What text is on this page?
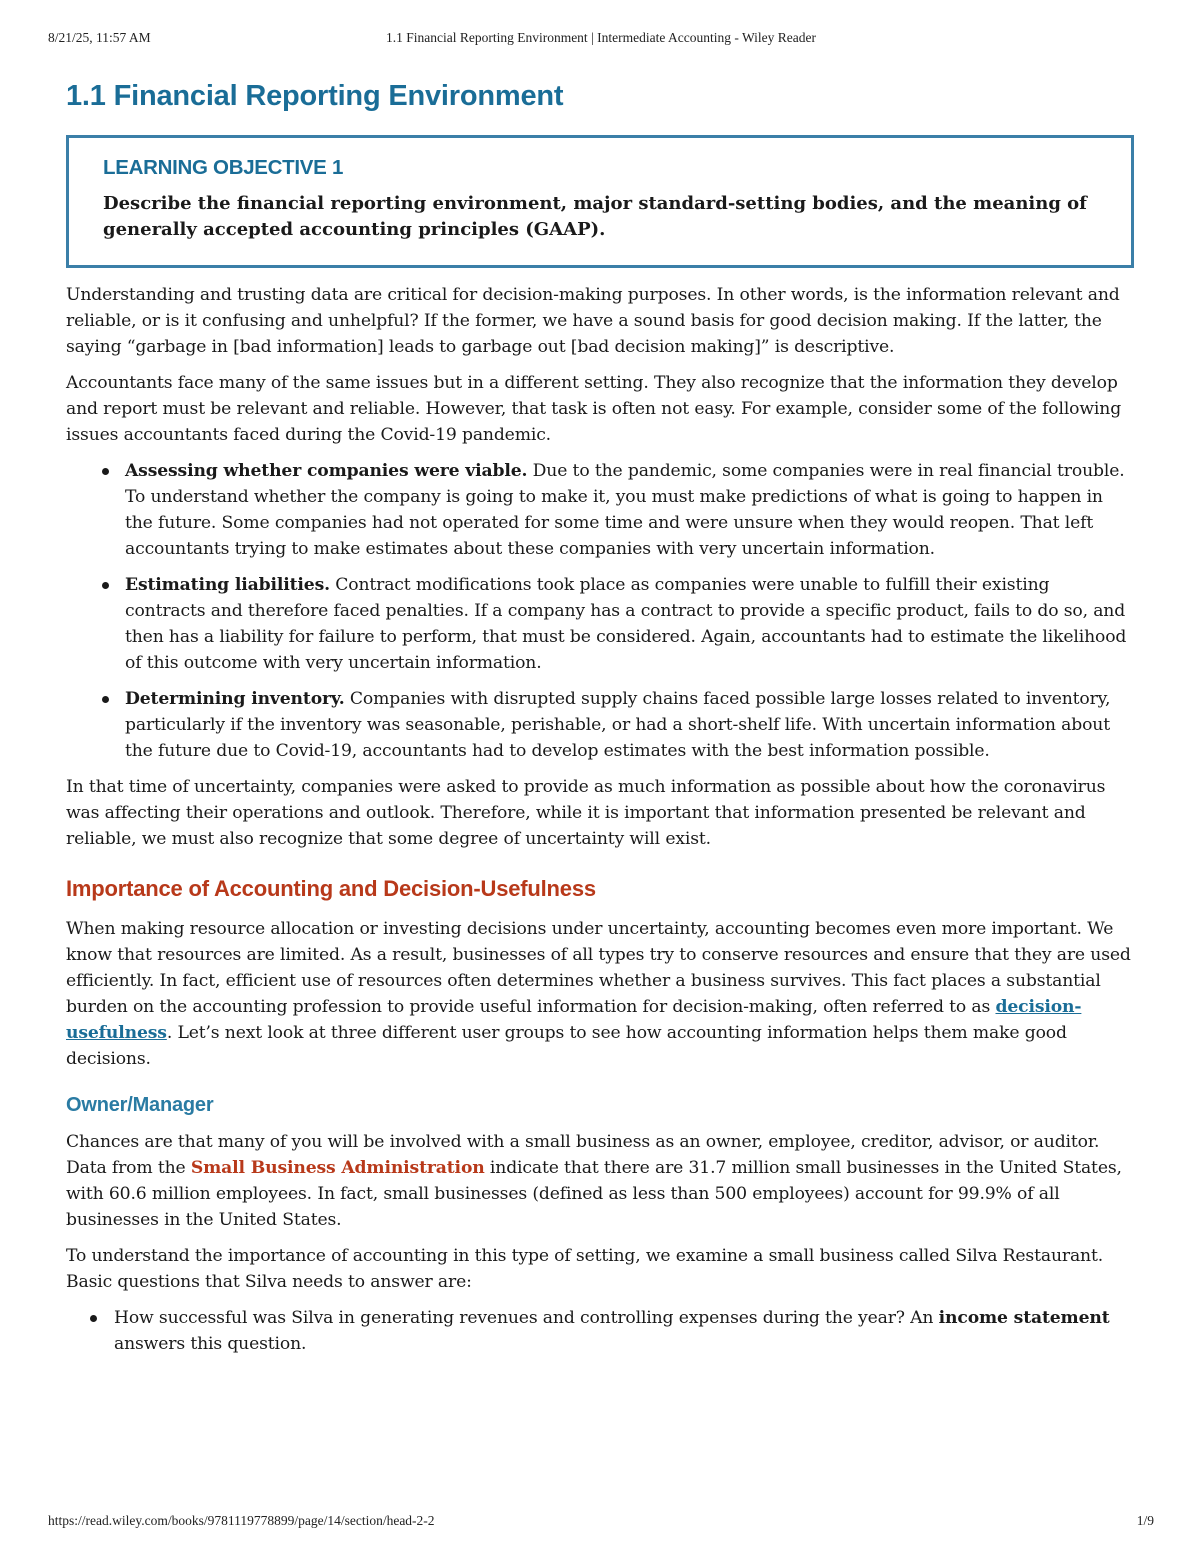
8/21/25, 11:57 AM	1.1 Financial Reporting Environment | Intermediate Accounting - Wiley Reader
1.1 Financial Reporting Environment
LEARNING OBJECTIVE 1

Describe the financial reporting environment, major standard-setting bodies, and the meaning of generally accepted accounting principles (GAAP).

Understanding and trusting data are critical for decision-making purposes. In other words, is the information relevant and reliable, or is it confusing and unhelpful? If the former, we have a sound basis for good decision making. If the latter, the saying “garbage in [bad information] leads to garbage out [bad decision making]” is descriptive.

Accountants face many of the same issues but in a different setting. They also recognize that the information they develop and report must be relevant and reliable. However, that task is often not easy. For example, consider some of the following issues accountants faced during the Covid-19 pandemic.

Assessing whether companies were viable. Due to the pandemic, some companies were in real financial trouble. To understand whether the company is going to make it, you must make predictions of what is going to happen in the future. Some companies had not operated for some time and were unsure when they would reopen. That left accountants trying to make estimates about these companies with very uncertain information.
Estimating liabilities. Contract modifications took place as companies were unable to fulfill their existing contracts and therefore faced penalties. If a company has a contract to provide a specific product, fails to do so, and then has a liability for failure to perform, that must be considered. Again, accountants had to estimate the likelihood of this outcome with very uncertain information.
Determining inventory. Companies with disrupted supply chains faced possible large losses related to inventory, particularly if the inventory was seasonable, perishable, or had a short-shelf life. With uncertain information about the future due to Covid-19, accountants had to develop estimates with the best information possible.

In that time of uncertainty, companies were asked to provide as much information as possible about how the coronavirus was affecting their operations and outlook. Therefore, while it is important that information presented be relevant and reliable, we must also recognize that some degree of uncertainty will exist.

Importance of Accounting and Decision-Usefulness

When making resource allocation or investing decisions under uncertainty, accounting becomes even more important. We know that resources are limited. As a result, businesses of all types try to conserve resources and ensure that they are used efficiently. In fact, efficient use of resources often determines whether a business survives. This fact places a substantial burden on the accounting profession to provide useful information for decision-making, often referred to as decision-usefulness. Let’s next look at three different user groups to see how accounting information helps them make good decisions.

Owner/Manager

Chances are that many of you will be involved with a small business as an owner, employee, creditor, advisor, or auditor. Data from the Small Business Administration indicate that there are 31.7 million small businesses in the United States, with 60.6 million employees. In fact, small businesses (defined as less than 500 employees) account for 99.9% of all businesses in the United States.

To understand the importance of accounting in this type of setting, we examine a small business called Silva Restaurant. Basic questions that Silva needs to answer are:

How successful was Silva in generating revenues and controlling expenses during the year? An income statement answers this question.
https://read.wiley.com/books/9781119778899/page/14/section/head-2-2	1/9
